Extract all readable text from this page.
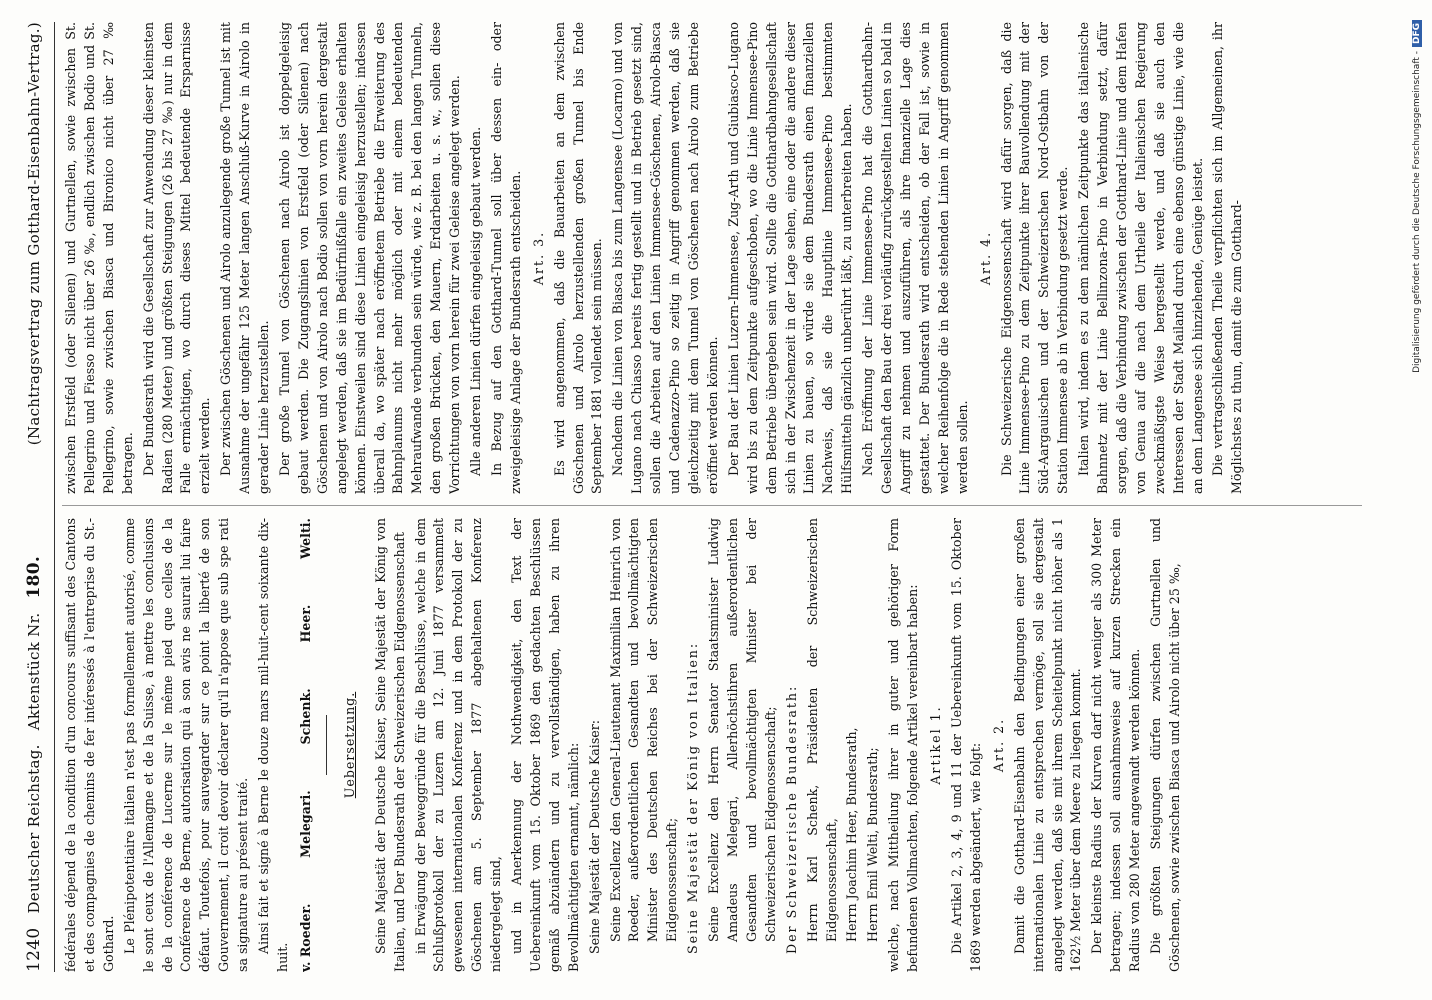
1240
Deutscher Reichstag.
Aktenstück Nr.
180.
(Nachtragsvertrag zum Gotthard-Eisenbahn-Vertrag.)

fédérales dépend de la condition d'un concours suffisant des Cantons et des compagnies de chemins de fer intéressés à l'entreprise du St.-Gothard. Le Plénipotentiaire italien n'est pas formellement autorisé, comme le sont ceux de l'Allemagne et de la Suisse, à mettre les conclusions de la conférence de Lucerne sur le même pied que celles de la Conférence de Berne, autorisation qui à son avis ne saurait lui faire défaut. Toutefois, pour sauvegarder sur ce point la liberté de son Gouvernement, il croit devoir déclarer qu'il n'appose que sub spe rati sa signature au présent traité. Ainsi fait et signé à Berne le douze mars mil-huit-cent soixante dix-huit. v. Roeder.
Melegari.
Schenk.
Heer.
Welti.
Uebersetzung. Seine Majestät der Deutsche Kaiser, Seine Majestät der König von Italien, und Der Bundesrath der Schweizerischen Eidgenossenschaft in Erwägung der Beweggründe für die Beschlüsse, welche in dem Schlußprotokoll der zu Luzern am 12. Juni 1877 versammelt gewesenen internationalen Konferenz und in dem Protokoll der zu Göschenen am 5. September 1877 abgehaltenen Konferenz niedergelegt sind, und in Anerkennung der Nothwendigkeit, den Text der Uebereinkunft vom 15. Oktober 1869 den gedachten Beschlüssen gemäß abzuändern und zu vervollständigen, haben zu ihren Bevollmächtigten ernannt, nämlich: Seine Majestät der Deutsche Kaiser: Seine Excellenz den General-Lieutenant Maximilian Heinrich von Roeder, außerordentlichen Gesandten und bevollmächtigten Minister des Deutschen Reiches bei der Schweizerischen Eidgenossenschaft; Seine Majestät der König von Italien: Seine Excellenz den Herrn Senator Staatsminister Ludwig Amadeus Melegari, Allerhöchstihren außerordentlichen Gesandten und bevollmächtigten Minister bei der Schweizerischen Eidgenossenschaft; Der Schweizerische Bundesrath: Herrn Karl Schenk, Präsidenten der Schweizerischen Eidgenossenschaft, Herrn Joachim Heer, Bundesrath, Herrn Emil Welti, Bundesrath; welche, nach Mittheilung ihrer in guter und gehöriger Form befundenen Vollmachten, folgende Artikel vereinbart haben: Artikel 1. Die Artikel 2, 3, 4, 9 und 11 der Uebereinkunft vom 15. Oktober 1869 werden abgeändert, wie folgt: Art. 2. Damit die Gotthard-Eisenbahn den Bedingungen einer großen internationalen Linie zu entsprechen vermöge, soll sie dergestalt angelegt werden, daß sie mit ihrem Scheitelpunkt nicht höher als 1 162½ Meter über dem Meere zu liegen kommt. Der kleinste Radius der Kurven darf nicht weniger als 300 Meter betragen; indessen soll ausnahmsweise auf kurzen Strecken ein Radius von 280 Meter angewandt werden können. Die größten Steigungen dürfen zwischen Gurtnellen und Göschenen, sowie zwischen Biasca und Airolo nicht über 25 ‰,

zwischen Erstfeld (oder Silenen) und Gurtnellen, sowie zwischen St. Pellegrino und Fiesso nicht über 26 ‰, endlich zwischen Bodio und St. Pellegrino, sowie zwischen Biasca und Bironico nicht über 27 ‰ betragen. Der Bundesrath wird die Gesellschaft zur Anwendung dieser kleinsten Radien (280 Meter) und größten Steigungen (26 bis 27 ‰) nur in dem Falle ermächtigen, wo durch dieses Mittel bedeutende Ersparnisse erzielt werden. Der zwischen Göschenen und Airolo anzulegende große Tunnel ist mit Ausnahme der ungefähr 125 Meter langen Anschluß-Kurve in Airolo in gerader Linie herzustellen. Der große Tunnel von Göschenen nach Airolo ist doppelgeleisig gebaut werden. Die Zugangslinien von Erstfeld (oder Silenen) nach Göschenen und von Airolo nach Bodio sollen von vorn herein dergestalt angelegt werden, daß sie im Bedürfnißfalle ein zweites Geleise erhalten können. Einstweilen sind diese Linien eingeleisig herzustellen; indessen überall da, wo später nach eröffnetem Betriebe die Erweiterung des Bahnplanums nicht mehr möglich oder mit einem bedeutenden Mehraufwande verbunden sein würde, wie z. B. bei den langen Tunneln, den großen Brücken, den Mauern, Erdarbeiten u. s. w., sollen diese Vorrichtungen von vorn herein für zwei Geleise angelegt werden. Alle anderen Linien dürfen eingeleisig gebaut werden. In Bezug auf den Gotthard-Tunnel soll über dessen ein- oder zweigeleisige Anlage der Bundesrath entscheiden. Art. 3. Es wird angenommen, daß die Bauarbeiten an dem zwischen Göschenen und Airolo herzustellenden großen Tunnel bis Ende September 1881 vollendet sein müssen. Nachdem die Linien von Biasca bis zum Langensee (Locarno) und von Lugano nach Chiasso bereits fertig gestellt und in Betrieb gesetzt sind, sollen die Arbeiten auf den Linien Immensee-Göschenen, Airolo-Biasca und Cadenazzo-Pino so zeitig in Angriff genommen werden, daß sie gleichzeitig mit dem Tunnel von Göschenen nach Airolo zum Betriebe eröffnet werden können. Der Bau der Linien Luzern-Immensee, Zug-Arth und Giubiasco-Lugano wird bis zu dem Zeitpunkte aufgeschoben, wo die Linie Immensee-Pino dem Betriebe übergeben sein wird. Sollte die Gotthardbahngesellschaft sich in der Zwischenzeit in der Lage sehen, eine oder die andere dieser Linien zu bauen, so würde sie dem Bundesrath einen finanziellen Nachweis, daß sie die Hauptlinie Immensee-Pino bestimmten Hülfsmitteln gänzlich unberührt läßt, zu unterbreiten haben. Nach Eröffnung der Linie Immensee-Pino hat die Gotthardbahn-Gesellschaft den Bau der drei vorläufig zurückgestellten Linien so bald in Angriff zu nehmen und auszuführen, als ihre finanzielle Lage dies gestattet. Der Bundesrath wird entscheiden, ob der Fall ist, sowie in welcher Reihenfolge die in Rede stehenden Linien in Angriff genommen werden sollen.

Art. 4. Die Schweizerische Eidgenossenschaft wird dafür sorgen, daß die Linie Immensee-Pino zu dem Zeitpunkte ihrer Bauvollendung mit der Süd-Aargauischen und der Schweizerischen Nord-Ostbahn von der Station Immensee ab in Verbindung gesetzt werde. Italien wird, indem es zu dem nämlichen Zeitpunkte das italienische Bahnnetz mit der Linie Bellinzona-Pino in Verbindung setzt, dafür sorgen, daß die Verbindung zwischen der Gotthard-Linie und dem Hafen von Genua auf die nach dem Urtheile der Italienischen Regierung zweckmäßigste Weise bergestellt werde, und daß sie auch den Interessen der Stadt Mailand durch eine ebenso günstige Linie, wie die an dem Langensee sich hinziehende, Genüge leistet. Die vertragschließenden Theile verpflichten sich im Allgemeinen, ihr Möglichstes zu thun, damit die zum Gotthard-	Digitalisierung gefördert durch die Deutsche Forschungsgemeinschaft -DFG
